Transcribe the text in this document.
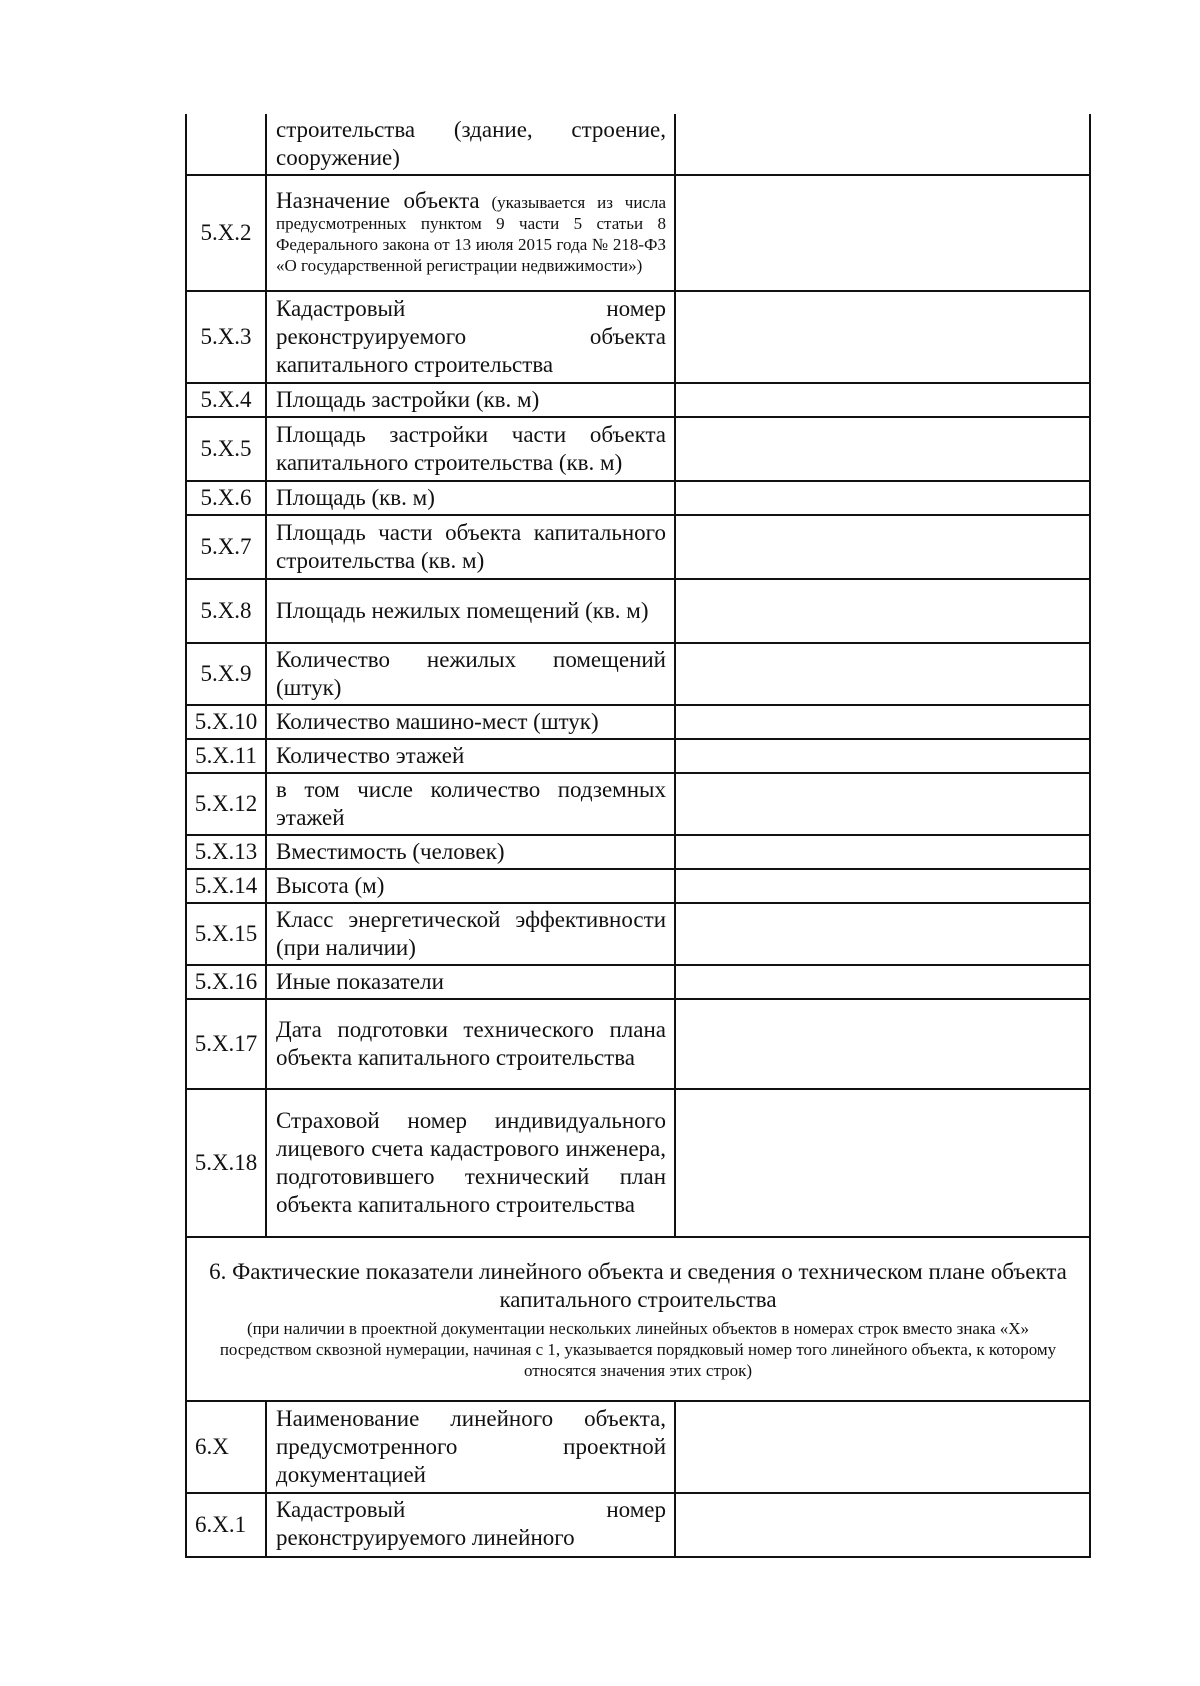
	строительства (здание, строение, сооружение)	
5.X.2	Назначение объекта (указывается из числа предусмотренных пунктом 9 части 5 статьи 8 Федерального закона от 13 июля 2015 года № 218-ФЗ «О государственной регистрации недвижимости»)	
5.X.3	Кадастровый номер реконструируемого объекта капитального строительства	
5.X.4	Площадь застройки (кв. м)	
5.X.5	Площадь застройки части объекта капитального строительства (кв. м)	
5.X.6	Площадь (кв. м)	
5.X.7	Площадь части объекта капитального строительства (кв. м)	
5.X.8	Площадь нежилых помещений (кв. м)	
5.X.9	Количество нежилых помещений (штук)	
5.X.10	Количество машино-мест (штук)	
5.X.11	Количество этажей	
5.X.12	в том числе количество подземных этажей	
5.X.13	Вместимость (человек)	
5.X.14	Высота (м)	
5.X.15	Класс энергетической эффективности (при наличии)	
5.X.16	Иные показатели	
5.X.17	Дата подготовки технического плана объекта капитального строительства	
5.X.18	Страховой номер индивидуального лицевого счета кадастрового инженера, подготовившего технический план объекта капитального строительства	

6. Фактические показатели линейного объекта и сведения о техническом плане объекта капитального строительства
(при наличии в проектной документации нескольких линейных объектов в номерах строк вместо знака «Х» посредством сквозной нумерации, начиная с 1, указывается порядковый номер того линейного объекта, к которому относятся значения этих строк)		

6.X	Наименование линейного объекта, предусмотренного проектной документацией	
6.X.1	Кадастровый номер реконструируемого линейного	
